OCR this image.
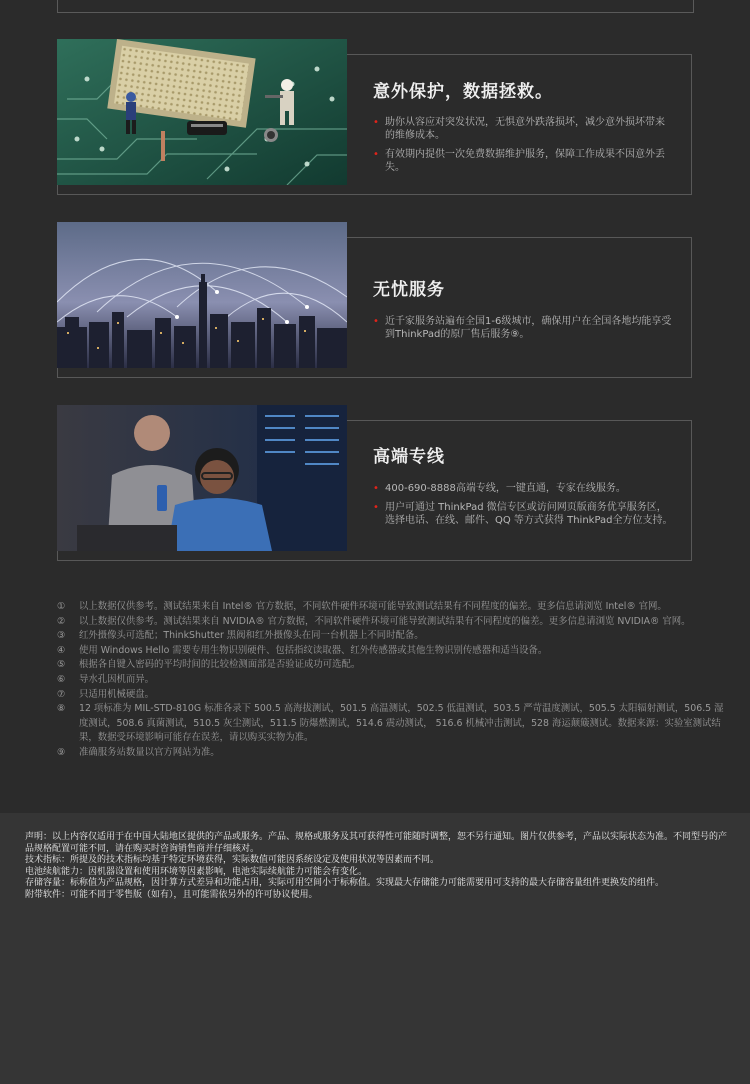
意外保护，数据拯救。
• 助你从容应对突发状况，无惧意外跌落损坏，减少意外损坏带来的维修成本。
• 有效期内提供一次免费数据维护服务，保障工作成果不因意外丢失。
无忧服务
• 近千家服务站遍布全国1-6级城市，确保用户在全国各地均能享受到ThinkPad的原厂售后服务⑨。
高端专线
• 400-690-8888高端专线，一键直通，专家在线服务。
• 用户可通过 ThinkPad 微信专区或访问网页版商务优享服务区，选择电话、在线、邮件、QQ 等方式获得 ThinkPad全方位支持。
①	以上数据仅供参考。测试结果来自 Intel® 官方数据，不同软件硬件环境可能导致测试结果有不同程度的偏差。更多信息请浏览 Intel® 官网。
②	以上数据仅供参考。测试结果来自 NVIDIA® 官方数据，不同软件硬件环境可能导致测试结果有不同程度的偏差。更多信息请浏览 NVIDIA® 官网。
③	红外摄像头可选配；ThinkShutter 黑阀和红外摄像头在同一台机器上不同时配备。
④	使用 Windows Hello 需要专用生物识别硬件、包括指纹读取器、红外传感器或其他生物识别传感器和适当设备。
⑤	根据各自键入密码的平均时间的比较检测面部是否验证成功可选配。
⑥	导水孔因机而异。
⑦	只适用机械硬盘。
⑧	12 项标准为 MIL-STD-810G 标准各录下 500.5 高海拔测试，501.5 高温测试，502.5 低温测试，503.5 严苛温度测试，505.5 太阳辐射测试，506.5 湿度测试，508.6 真菌测试，510.5 灰尘测试，511.5 防爆燃测试，514.6 震动测试， 516.6 机械冲击测试，528 海运颠簸测试。数据来源：实验室测试结果，数据受环境影响可能存在误差，请以购买实物为准。
⑨	准确服务站数量以官方网站为准。

声明：以上内容仅适用于在中国大陆地区提供的产品或服务。产品、规格或服务及其可获得性可能随时调整，恕不另行通知。图片仅供参考，产品以实际状态为准。不同型号的产品规格配置可能不同，请在购买时咨询销售商并仔细核对。

技术指标：所提及的技术指标均基于特定环境获得，实际数值可能因系统设定及使用状况等因素而不同。

电池续航能力：因机器设置和使用环境等因素影响，电池实际续航能力可能会有变化。

存储容量：标称值为产品规格，因计算方式差异和功能占用，实际可用空间小于标称值。实现最大存储能力可能需要用可支持的最大存储容量组件更换发的组件。

附带软件：可能不同于零售版（如有），且可能需依另外的许可协议使用。
